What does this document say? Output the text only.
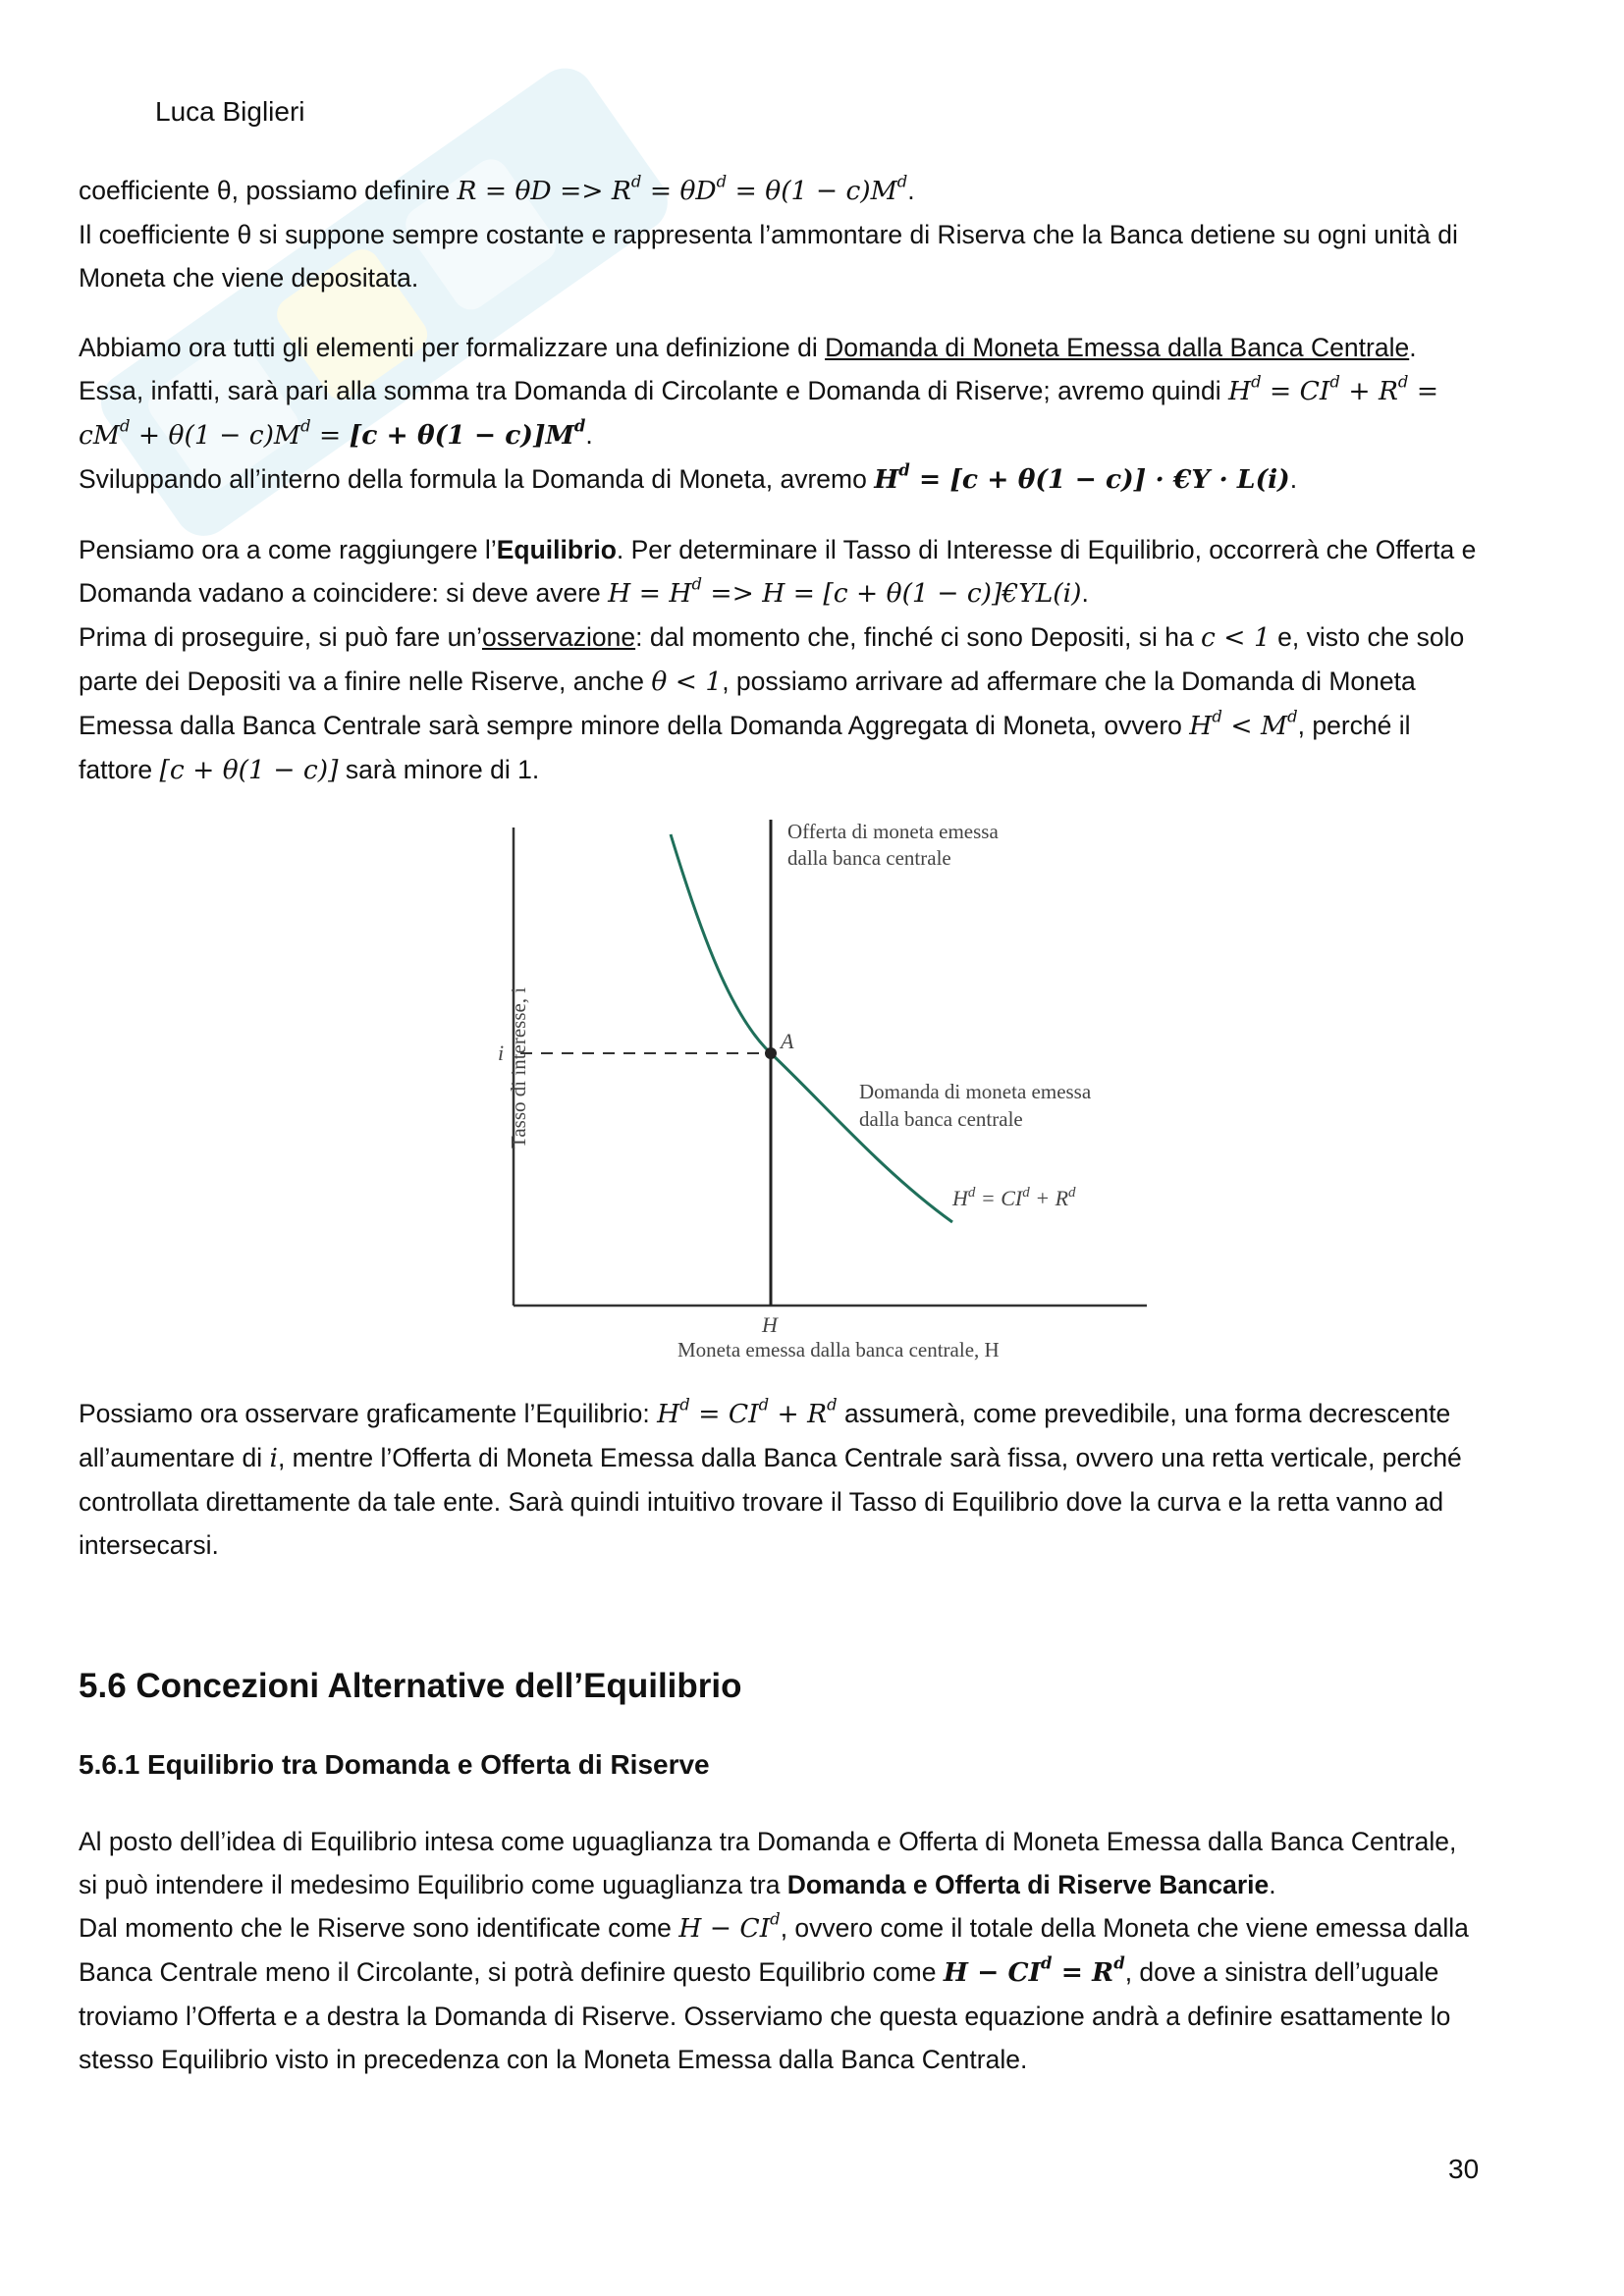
Luca Biglieri

coefficiente θ, possiamo definire $R = \theta D => R^d = \theta D^d = \theta(1 - c)M^d$.

Il coefficiente θ si suppone sempre costante e rappresenta l’ammontare di Riserva che la Banca detiene su ogni unità di

Moneta che viene depositata.

Abbiamo ora tutti gli elementi per formalizzare una definizione di Domanda di Moneta Emessa dalla Banca Centrale.

Essa, infatti, sarà pari alla somma tra Domanda di Circolante e Domanda di Riserve; avremo quindi $H^d = CI^d + R^d$ =

$cM^d + \theta(1 - c)M^d = [c + \theta(1 - c)]M^d$.

Sviluppando all’interno della formula la Domanda di Moneta, avremo $H^d = [c + \theta(1 - c)]$ · €Y · L(i).

Pensiamo ora a come raggiungere l’Equilibrio. Per determinare il Tasso di Interesse di Equilibrio, occorrerà che Offerta e

Domanda vadano a coincidere: si deve avere $H = H^d => H = [c + \theta(1$ − c)]€YL(i).

Prima di proseguire, si può fare un’osservazione: dal momento che, finché ci sono Depositi, si ha c < 1 e, visto che solo

parte dei Depositi va a finire nelle Riserve, anche θ < 1, possiamo arrivare ad affermare che la Domanda di Moneta

Emessa dalla Banca Centrale sarà sempre minore della Domanda Aggregata di Moneta, ovvero $H^d < M^d$, perché il

fattore [c + θ(1 − c)] sarà minore di 1.

A
i
H
Moneta emessa dalla banca centrale, H
Tasso di interesse, i
Offerta di moneta emessa
dalla banca centrale
Domanda di moneta emessa
dalla banca centrale
$H^d = CI^d + R^d$

Possiamo ora osservare graficamente l’Equilibrio: $H^d = CI^d + R^d$ assumerà, come prevedibile, una forma decrescente

all’aumentare di i, mentre l’Offerta di Moneta Emessa dalla Banca Centrale sarà fissa, ovvero una retta verticale, perché

controllata direttamente da tale ente. Sarà quindi intuitivo trovare il Tasso di Equilibrio dove la curva e la retta vanno ad

intersecarsi.

5.6 Concezioni Alternative dell’Equilibrio
5.6.1 Equilibrio tra Domanda e Offerta di Riserve

Al posto dell’idea di Equilibrio intesa come uguaglianza tra Domanda e Offerta di Moneta Emessa dalla Banca Centrale,

si può intendere il medesimo Equilibrio come uguaglianza tra Domanda e Offerta di Riserve Bancarie.

Dal momento che le Riserve sono identificate come $H - CI^d$, ovvero come il totale della Moneta che viene emessa dalla

Banca Centrale meno il Circolante, si potrà definire questo Equilibrio come $H - CI^d = R^d$, dove a sinistra dell’uguale

troviamo l’Offerta e a destra la Domanda di Riserve. Osserviamo che questa equazione andrà a definire esattamente lo

stesso Equilibrio visto in precedenza con la Moneta Emessa dalla Banca Centrale.

30
